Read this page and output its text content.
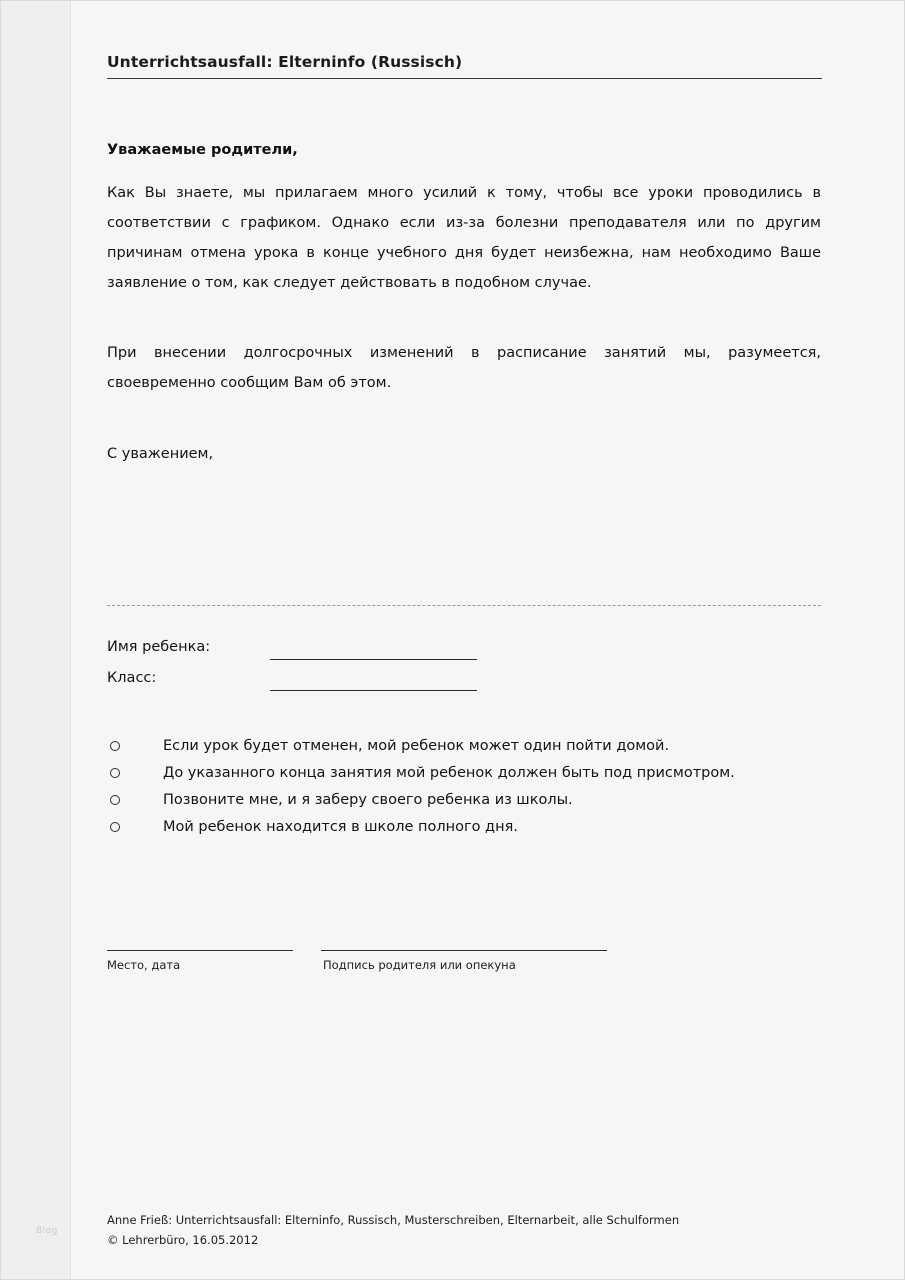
Blog
Unterrichtsausfall: Elterninfo (Russisch)
Уважаемые родители,
Как Вы знаете, мы прилагаем много усилий к тому, чтобы все уроки проводились в соответствии с графиком. Однако если из-за болезни преподавателя или по другим причинам отмена урока в конце учебного дня будет неизбежна, нам необходимо Ваше заявление о том, как следует действовать в подобном случае.
При внесении долгосрочных изменений в расписание занятий мы, разумеется, своевременно сообщим Вам об этом.
С уважением,
Имя ребенка:
Класс:
Если урок будет отменен, мой ребенок может один пойти домой.
До указанного конца занятия мой ребенок должен быть под присмотром.
Позвоните мне, и я заберу своего ребенка из школы.
Мой ребенок находится в школе полного дня.
Место, дата	Подпись родителя или опекуна
Anne Frieß: Unterrichtsausfall: Elterninfo, Russisch, Musterschreiben, Elternarbeit, alle Schulformen
© Lehrerbüro, 16.05.2012
